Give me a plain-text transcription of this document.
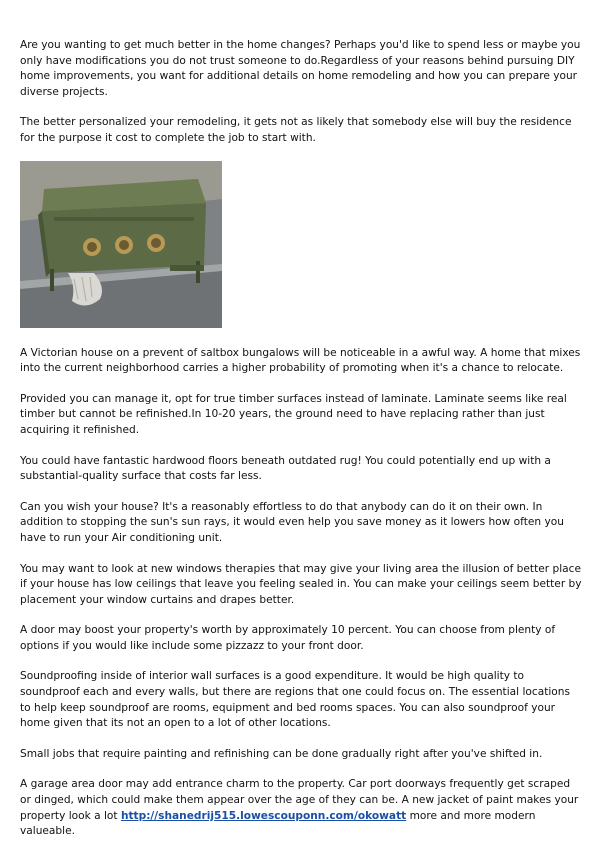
Are you wanting to get much better in the home changes? Perhaps you'd like to spend less or maybe you only have modifications you do not trust someone to do.Regardless of your reasons behind pursuing DIY home improvements, you want for additional details on home remodeling and how you can prepare your diverse projects.

The better personalized your remodeling, it gets not as likely that somebody else will buy the residence for the purpose it cost to complete the job to start with.

A Victorian house on a prevent of saltbox bungalows will be noticeable in a awful way. A home that mixes into the current neighborhood carries a higher probability of promoting when it's a chance to relocate.

Provided you can manage it, opt for true timber surfaces instead of laminate. Laminate seems like real timber but cannot be refinished.In 10-20 years, the ground need to have replacing rather than just acquiring it refinished.

You could have fantastic hardwood floors beneath outdated rug! You could potentially end up with a substantial-quality surface that costs far less.

Can you wish your house? It's a reasonably effortless to do that anybody can do it on their own. In addition to stopping the sun's sun rays, it would even help you save money as it lowers how often you have to run your Air conditioning unit.

You may want to look at new windows therapies that may give your living area the illusion of better place if your house has low ceilings that leave you feeling sealed in. You can make your ceilings seem better by placement your window curtains and drapes better.

A door may boost your property's worth by approximately 10 percent. You can choose from plenty of options if you would like include some pizzazz to your front door.

Soundproofing inside of interior wall surfaces is a good expenditure. It would be high quality to soundproof each and every walls, but there are regions that one could focus on. The essential locations to help keep soundproof are rooms, equipment and bed rooms spaces. You can also soundproof your home given that its not an open to a lot of other locations.

Small jobs that require painting and refinishing can be done gradually right after you've shifted in.

A garage area door may add entrance charm to the property. Car port doorways frequently get scraped or dinged, which could make them appear over the age of they can be. A new jacket of paint makes your property look a lot http://shanedrij515.lowescouponn.com/okowatt more and more modern valueable.
